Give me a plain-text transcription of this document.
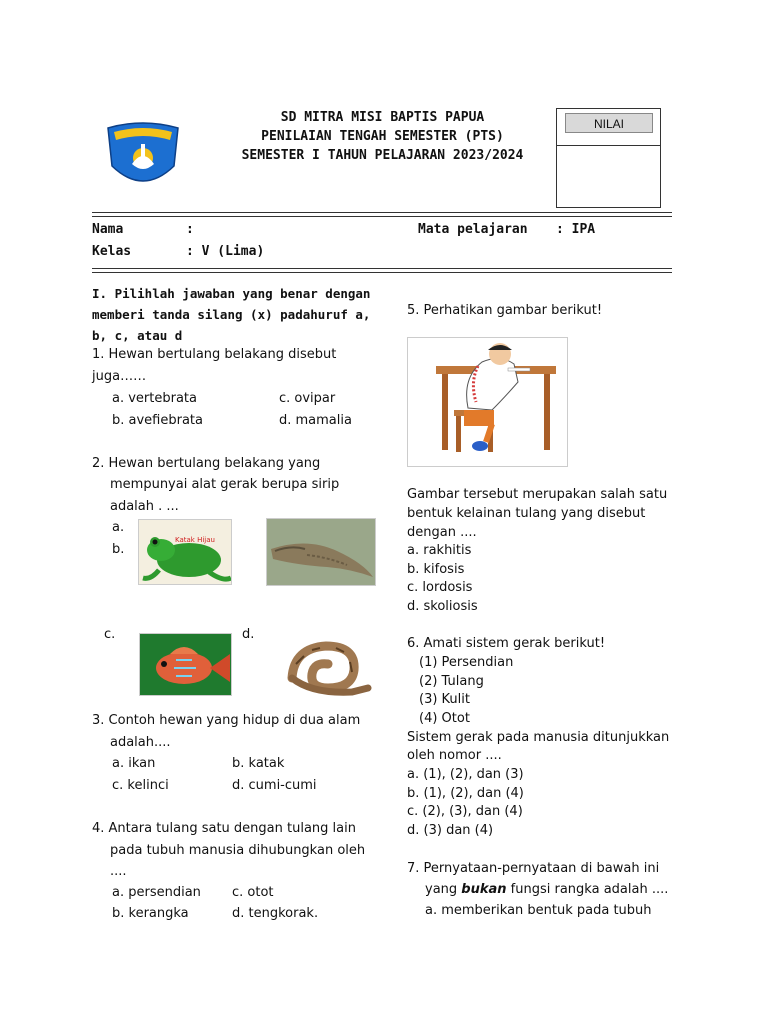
SD MITRA MISI BAPTIS PAPUA
PENILAIAN TENGAH SEMESTER (PTS)
SEMESTER I TAHUN PELAJARAN 2023/2024
NILAI
Nama	:
Kelas	: V (Lima)
Mata pelajaran : IPA
I. Pilihlah jawaban yang benar dengan
memberi tanda silang (x) padahuruf a,
b, c, atau d
1. Hewan bertulang belakang disebut
juga……
a. vertebrata	c. ovipar
b. avefiebrata	d. mamalia
2. Hewan bertulang belakang yang
mempunyai alat gerak berupa sirip
adalah . ...
a.
b.
c.	d.
Katak Hijau
3. Contoh hewan yang hidup di dua alam
adalah....
a. ikan	b. katak
c. kelinci	d. cumi-cumi
4. Antara tulang satu dengan tulang lain
pada tubuh manusia dihubungkan oleh
....
a. persendian c. otot
b. kerangka	d. tengkorak.
5. Perhatikan gambar berikut!
Gambar tersebut merupakan salah satu
bentuk kelainan tulang yang disebut
dengan ....
a. rakhitis
b. kifosis
c. lordosis
d. skoliosis
6. Amati sistem gerak berikut!
(1) Persendian
(2) Tulang
(3) Kulit
(4) Otot
Sistem gerak pada manusia ditunjukkan
oleh nomor ....
a. (1), (2), dan (3)
b. (1), (2), dan (4)
c. (2), (3), dan (4)
d. (3) dan (4)
7. Pernyataan-pernyataan di bawah ini
yang bukan fungsi rangka adalah ....
a. memberikan bentuk pada tubuh
